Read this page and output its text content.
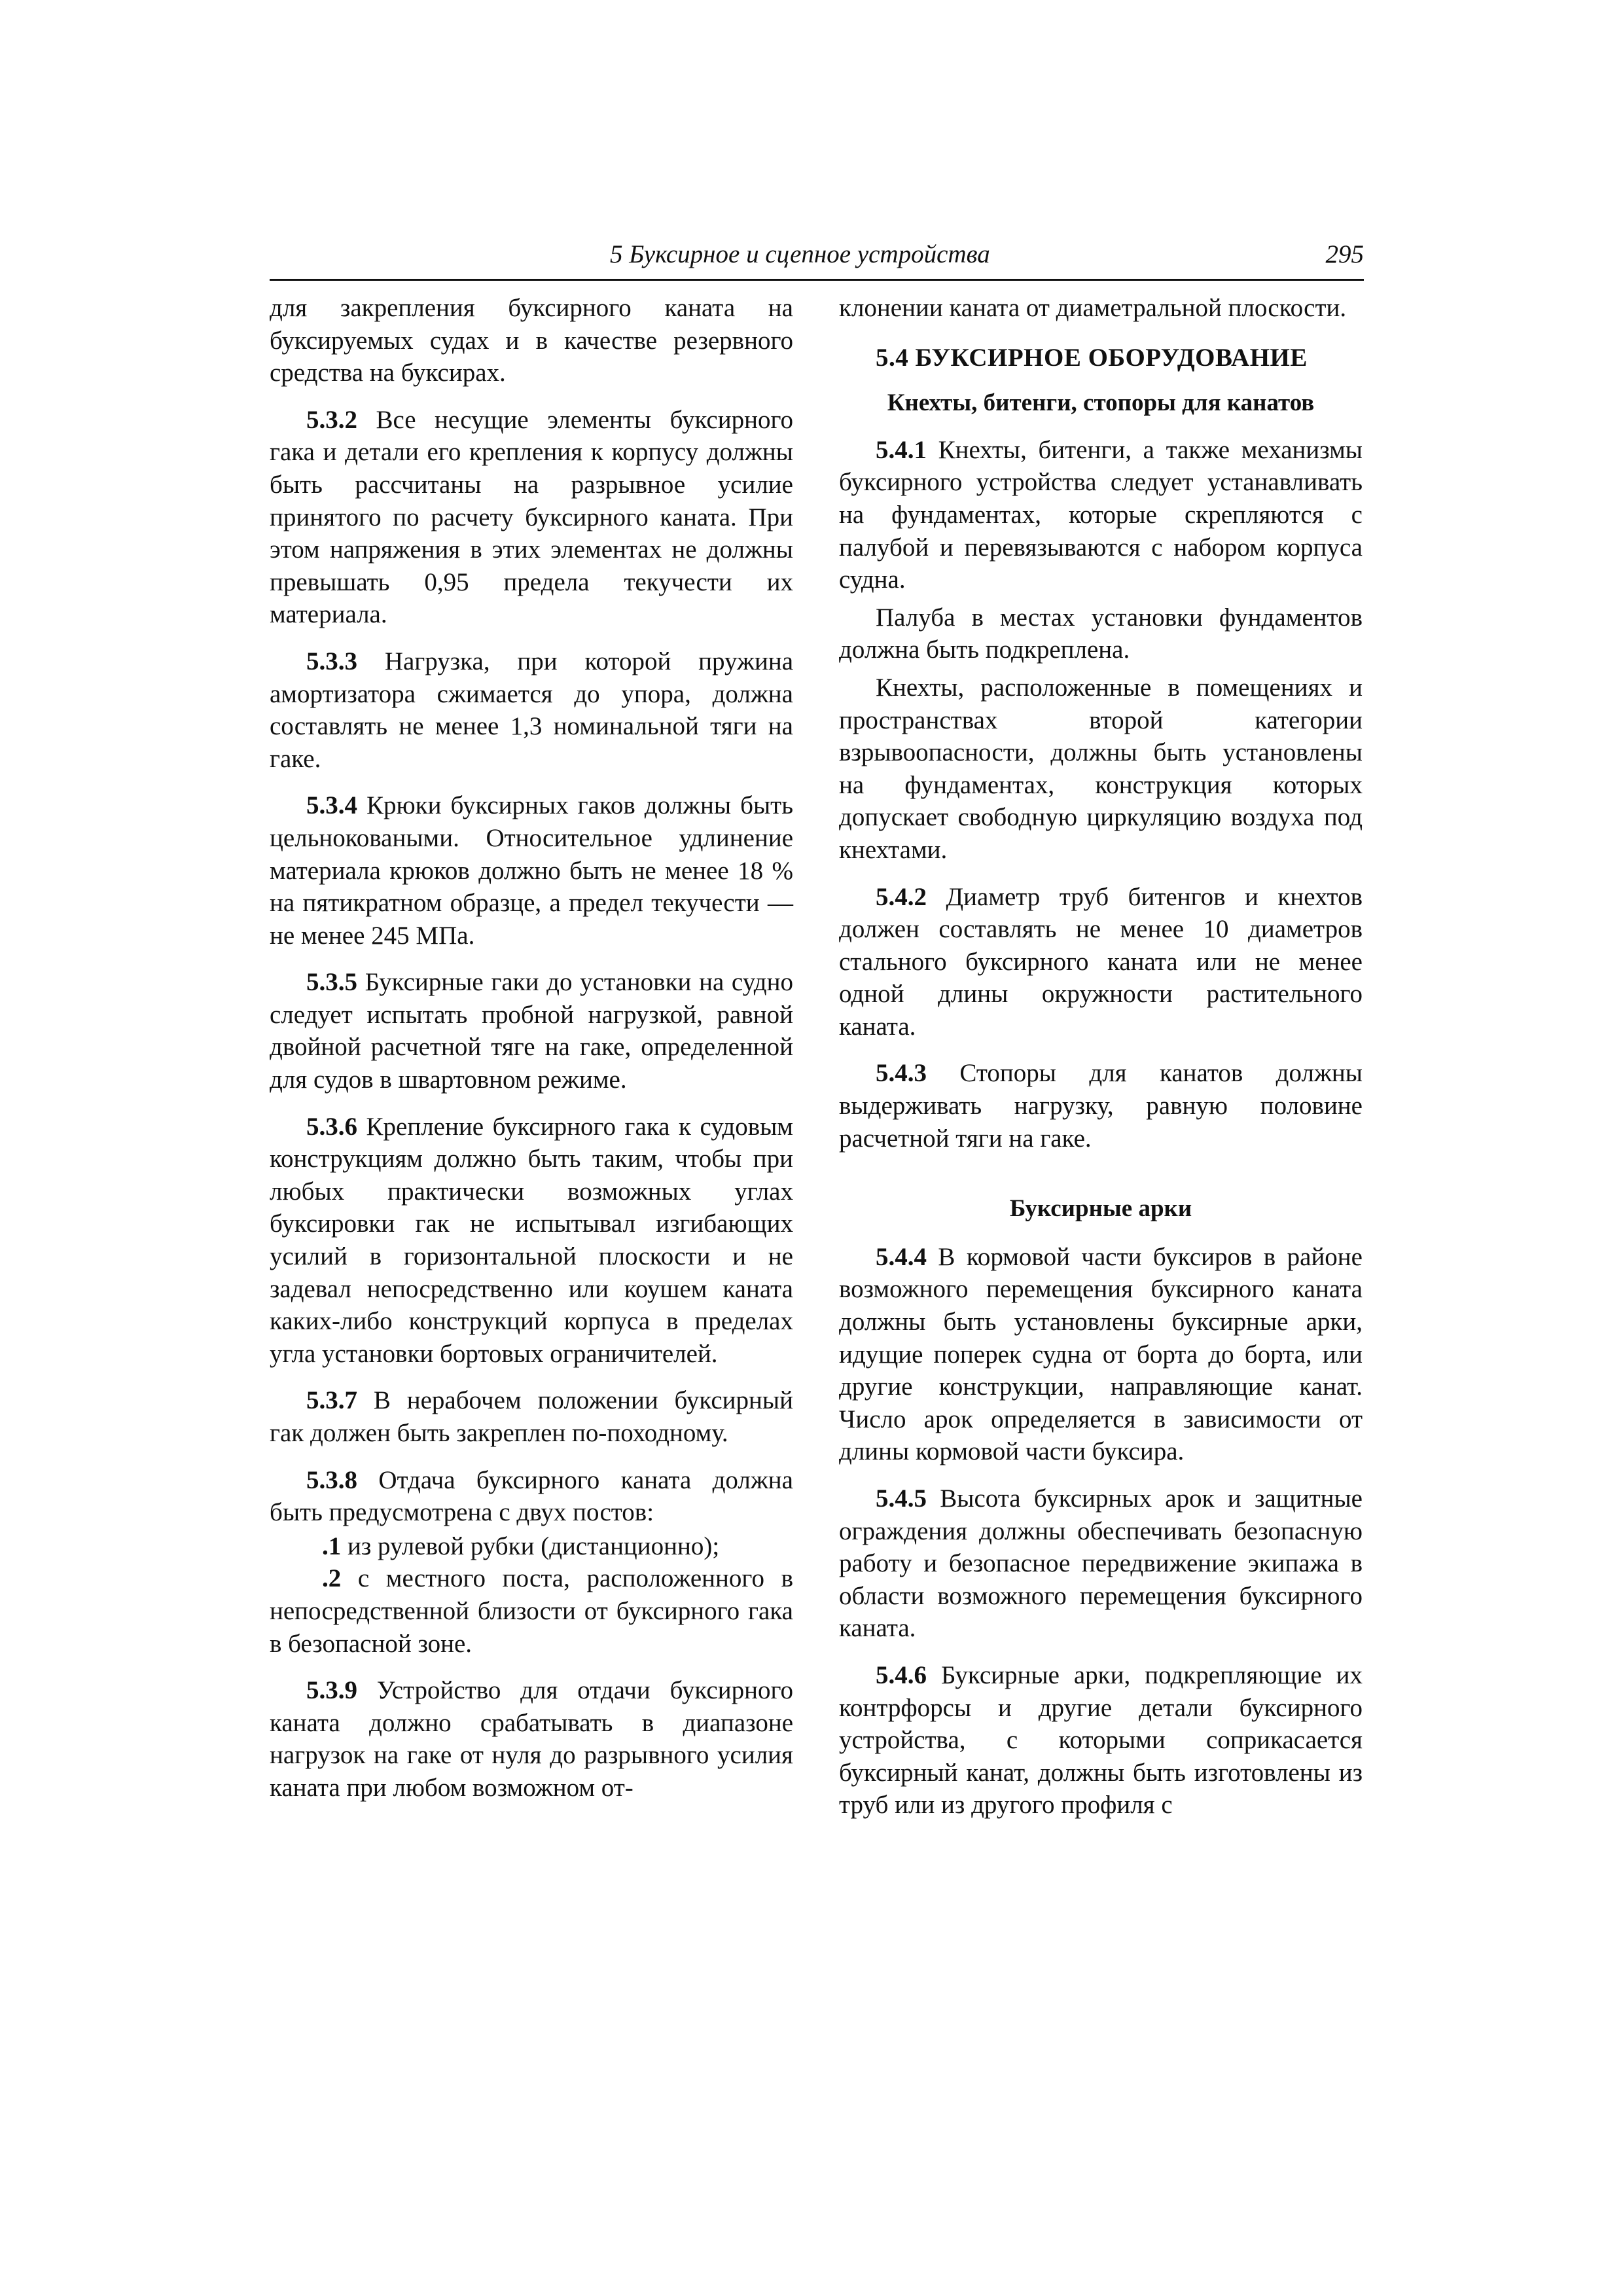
5 Буксирное и сцепное устройства	295

для закрепления буксирного каната на буксируемых судах и в качестве резервного средства на буксирах.

5.3.2 Все несущие элементы буксирного гака и детали его крепления к корпусу должны быть рассчитаны на разрывное усилие принятого по расчету буксирного каната. При этом напряжения в этих элементах не должны превышать 0,95 предела текучести их материала.

5.3.3 Нагрузка, при которой пружина амортизатора сжимается до упора, должна составлять не менее 1,3 номинальной тяги на гаке.

5.3.4 Крюки буксирных гаков должны быть цельноковаными. Относительное удлинение материала крюков должно быть не менее 18 % на пятикратном образце, а предел текучести — не менее 245 МПа.

5.3.5 Буксирные гаки до установки на судно следует испытать пробной нагрузкой, равной двойной расчетной тяге на гаке, определенной для судов в швартовном режиме.

5.3.6 Крепление буксирного гака к судовым конструкциям должно быть таким, чтобы при любых практически возможных углах буксировки гак не испытывал изгибающих усилий в горизонтальной плоскости и не задевал непосредственно или коушем каната каких-либо конструкций корпуса в пределах угла установки бортовых ограничителей.

5.3.7 В нерабочем положении буксирный гак должен быть закреплен по-походному.

5.3.8 Отдача буксирного каната должна быть предусмотрена с двух постов:

.1 из рулевой рубки (дистанционно);

.2 с местного поста, расположенного в непосредственной близости от буксирного гака в безопасной зоне.

5.3.9 Устройство для отдачи буксирного каната должно срабатывать в диапазоне нагрузок на гаке от нуля до разрывного усилия каната при любом возможном от-

клонении каната от диаметральной плоскости.

5.4 БУКСИРНОЕ ОБОРУДОВАНИЕ
Кнехты, битенги, стопоры для канатов

5.4.1 Кнехты, битенги, а также механизмы буксирного устройства следует устанавливать на фундаментах, которые скрепляются с палубой и перевязываются с набором корпуса судна.

Палуба в местах установки фундаментов должна быть подкреплена.

Кнехты, расположенные в помещениях и пространствах второй категории взрывоопасности, должны быть установлены на фундаментах, конструкция которых допускает свободную циркуляцию воздуха под кнехтами.

5.4.2 Диаметр труб битенгов и кнехтов должен составлять не менее 10 диаметров стального буксирного каната или не менее одной длины окружности растительного каната.

5.4.3 Стопоры для канатов должны выдерживать нагрузку, равную половине расчетной тяги на гаке.

Буксирные арки

5.4.4 В кормовой части буксиров в районе возможного перемещения буксирного каната должны быть установлены буксирные арки, идущие поперек судна от борта до борта, или другие конструкции, направляющие канат. Число арок определяется в зависимости от длины кормовой части буксира.

5.4.5 Высота буксирных арок и защитные ограждения должны обеспечивать безопасную работу и безопасное передвижение экипажа в области возможного перемещения буксирного каната.

5.4.6 Буксирные арки, подкрепляющие их контрфорсы и другие детали буксирного устройства, с которыми соприкасается буксирный канат, должны быть изготовлены из труб или из другого профиля с
